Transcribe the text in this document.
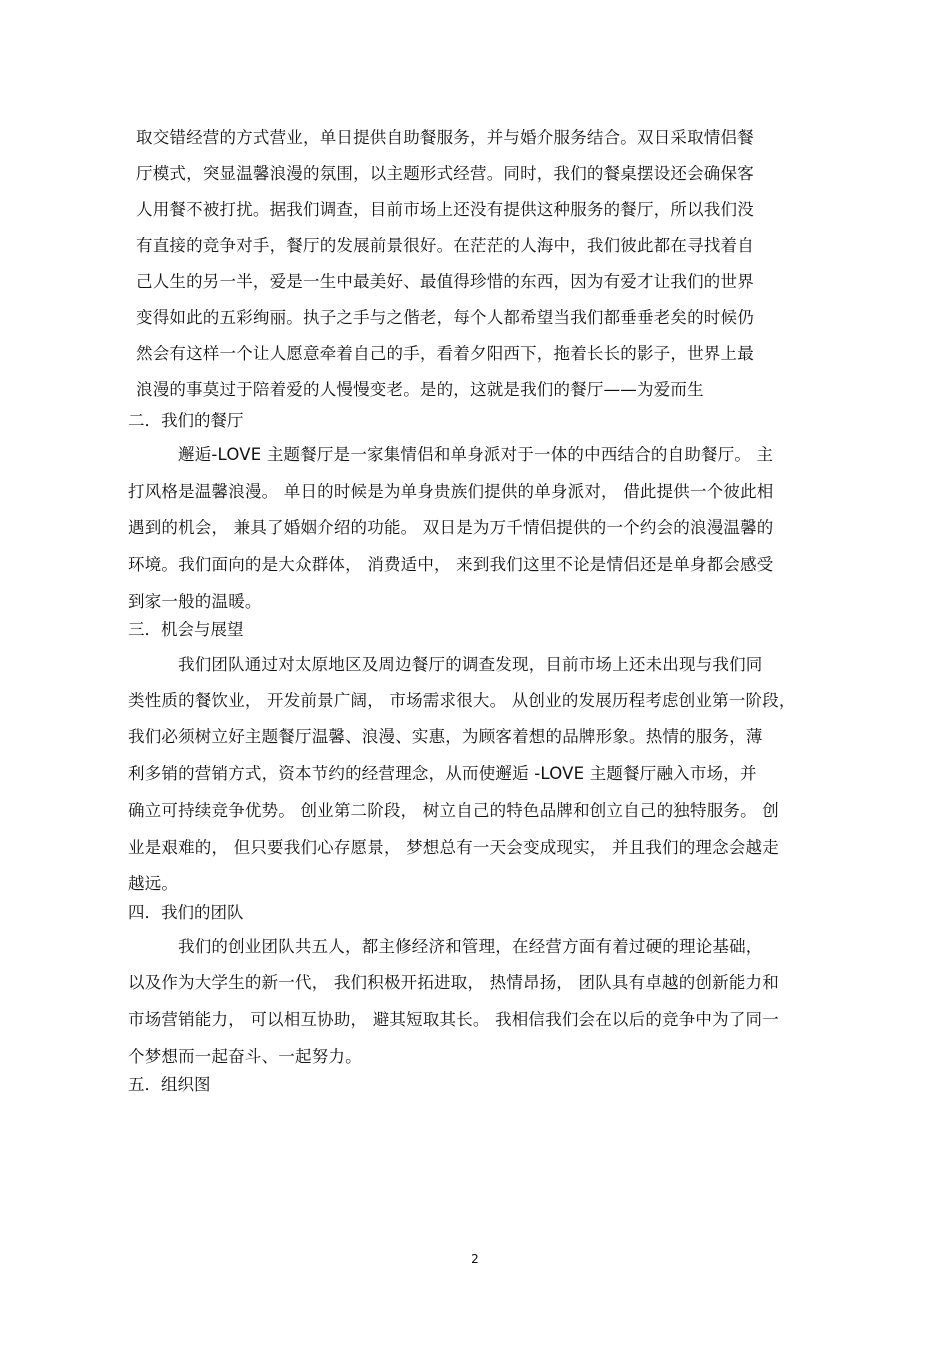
取交错经营的方式营业，单日提供自助餐服务，并与婚介服务结合。双日采取情侣餐
厅模式，突显温馨浪漫的氛围，以主题形式经营。同时，我们的餐桌摆设还会确保客
人用餐不被打扰。据我们调查，目前市场上还没有提供这种服务的餐厅，所以我们没
有直接的竞争对手，餐厅的发展前景很好。在茫茫的人海中，我们彼此都在寻找着自
己人生的另一半，爱是一生中最美好、最值得珍惜的东西，因为有爱才让我们的世界
变得如此的五彩绚丽。执子之手与之偕老，每个人都希望当我们都垂垂老矣的时候仍
然会有这样一个让人愿意牵着自己的手，看着夕阳西下，拖着长长的影子，世界上最
浪漫的事莫过于陪着爱的人慢慢变老。是的，这就是我们的餐厅——为爱而生
二．我们的餐厅
邂逅-LOVE 主题餐厅是一家集情侣和单身派对于一体的中西结合的自助餐厅。 主
打风格是温馨浪漫。 单日的时候是为单身贵族们提供的单身派对， 借此提供一个彼此相
遇到的机会， 兼具了婚姻介绍的功能。 双日是为万千情侣提供的一个约会的浪漫温馨的
环境。我们面向的是大众群体， 消费适中， 来到我们这里不论是情侣还是单身都会感受
到家一般的温暖。
三．机会与展望
我们团队通过对太原地区及周边餐厅的调查发现，目前市场上还未出现与我们同
类性质的餐饮业， 开发前景广阔， 市场需求很大。 从创业的发展历程考虑创业第一阶段，
我们必须树立好主题餐厅温馨、浪漫、实惠，为顾客着想的品牌形象。热情的服务，薄
利多销的营销方式，资本节约的经营理念，从而使邂逅 -LOVE 主题餐厅融入市场，并
确立可持续竞争优势。 创业第二阶段， 树立自己的特色品牌和创立自己的独特服务。 创
业是艰难的， 但只要我们心存愿景， 梦想总有一天会变成现实， 并且我们的理念会越走
越远。
四．我们的团队
我们的创业团队共五人，都主修经济和管理，在经营方面有着过硬的理论基础，
以及作为大学生的新一代， 我们积极开拓进取， 热情昂扬， 团队具有卓越的创新能力和
市场营销能力， 可以相互协助， 避其短取其长。 我相信我们会在以后的竞争中为了同一
个梦想而一起奋斗、一起努力。
五．组织图
2
